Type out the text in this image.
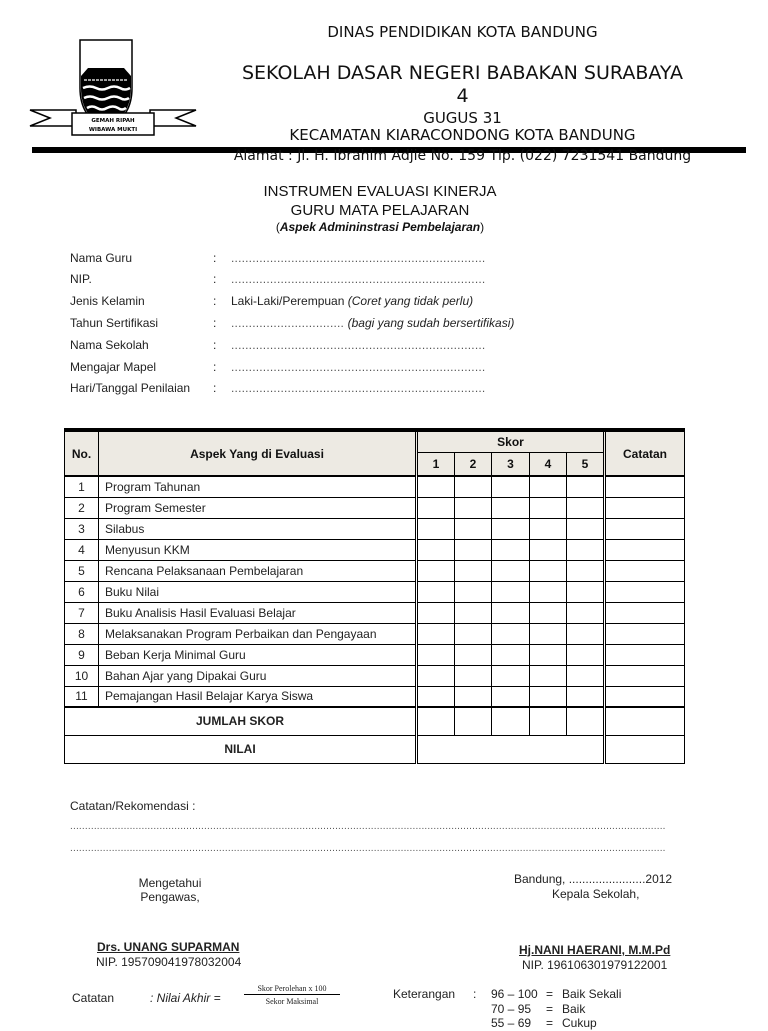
GEMAH RIPAH
WIBAWA MUKTI
DINAS PENDIDIKAN KOTA BANDUNG
SEKOLAH DASAR NEGERI BABAKAN SURABAYA
4
GUGUS 31
KECAMATAN KIARACONDONG KOTA BANDUNG
Alamat : Jl. H. Ibrahim Adjie No. 159 Tlp. (022) 7231541 Bandung
INSTRUMEN EVALUASI KINERJA
GURU MATA PELAJARAN
(Aspek Admininstrasi Pembelajaran)
Nama Guru	: ........................................................................
NIP.	: ........................................................................
Jenis Kelamin	: Laki-Laki/Perempuan (Coret yang tidak perlu)
Tahun Sertifikasi	: ................................ (bagi yang sudah bersertifikasi)
Nama Sekolah	: ........................................................................
Mengajar Mapel	: ........................................................................
Hari/Tanggal Penilaian	: ........................................................................
No.	Aspek Yang di Evaluasi	Skor					Catatan
		1	2	3	4	5	
1	Program Tahunan						
2	Program Semester						
3	Silabus						
4	Menyusun KKM						
5	Rencana Pelaksanaan Pembelajaran						
6	Buku Nilai						
7	Buku Analisis Hasil Evaluasi Belajar						
8	Melaksanakan Program Perbaikan dan Pengayaan						
9	Beban Kerja Minimal Guru						
10	Bahan Ajar yang Dipakai Guru						
11	Pemajangan Hasil Belajar Karya Siswa						
JUMLAH SKOR							
NILAI							
Catatan/Rekomendasi :
........................................................................................................................................................................................................
........................................................................................................................................................................................................
Mengetahui
Pengawas,
Bandung, .......................2012
Kepala Sekolah,
Drs. UNANG SUPARMAN
NIP. 195709041978032004
Hj.NANI HAERANI, M.M.Pd
NIP. 196106301979122001
Catatan	: Nilai Akhir =
Skor Perolehan x 100
Sekor Maksimal
Keterangan : 96 – 100 = Baik Sekali
70 – 95 = Baik
55 – 69 = Cukup
